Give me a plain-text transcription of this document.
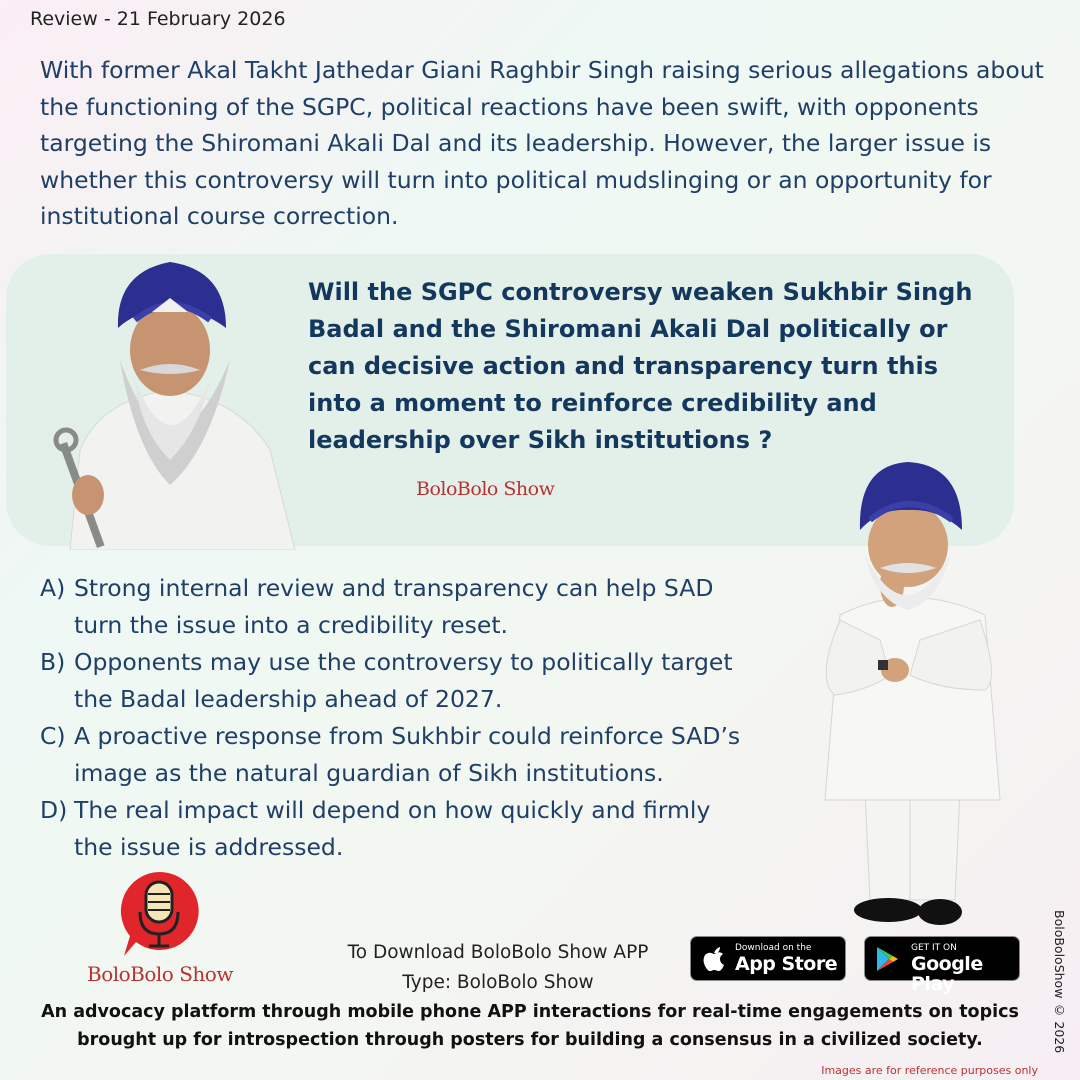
Review - 21 February 2026
With former Akal Takht Jathedar Giani Raghbir Singh raising serious allegations about the functioning of the SGPC, political reactions have been swift, with opponents targeting the Shiromani Akali Dal and its leadership. However, the larger issue is whether this controversy will turn into political mudslinging or an opportunity for institutional course correction.
Will the SGPC controversy weaken Sukhbir Singh Badal and the Shiromani Akali Dal politically or can decisive action and transparency turn this into a moment to reinforce credibility and leadership over Sikh institutions ?
BoloBolo Show
A) Strong internal review and transparency can help SAD
turn the issue into a credibility reset.
B) Opponents may use the controversy to politically target
the Badal leadership ahead of 2027.
C) A proactive response from Sukhbir could reinforce SAD’s
image as the natural guardian of Sikh institutions.
D) The real impact will depend on how quickly and firmly
the issue is addressed.
BoloBolo Show
To Download BoloBolo Show APP
Type: BoloBolo Show
Download on the
App Store
GET IT ON
Google Play
An advocacy platform through mobile phone APP interactions for real-time engagements on topics brought up for introspection through posters for building a consensus in a civilized society.	BoloBoloShow © 2026
Images are for reference purposes only
